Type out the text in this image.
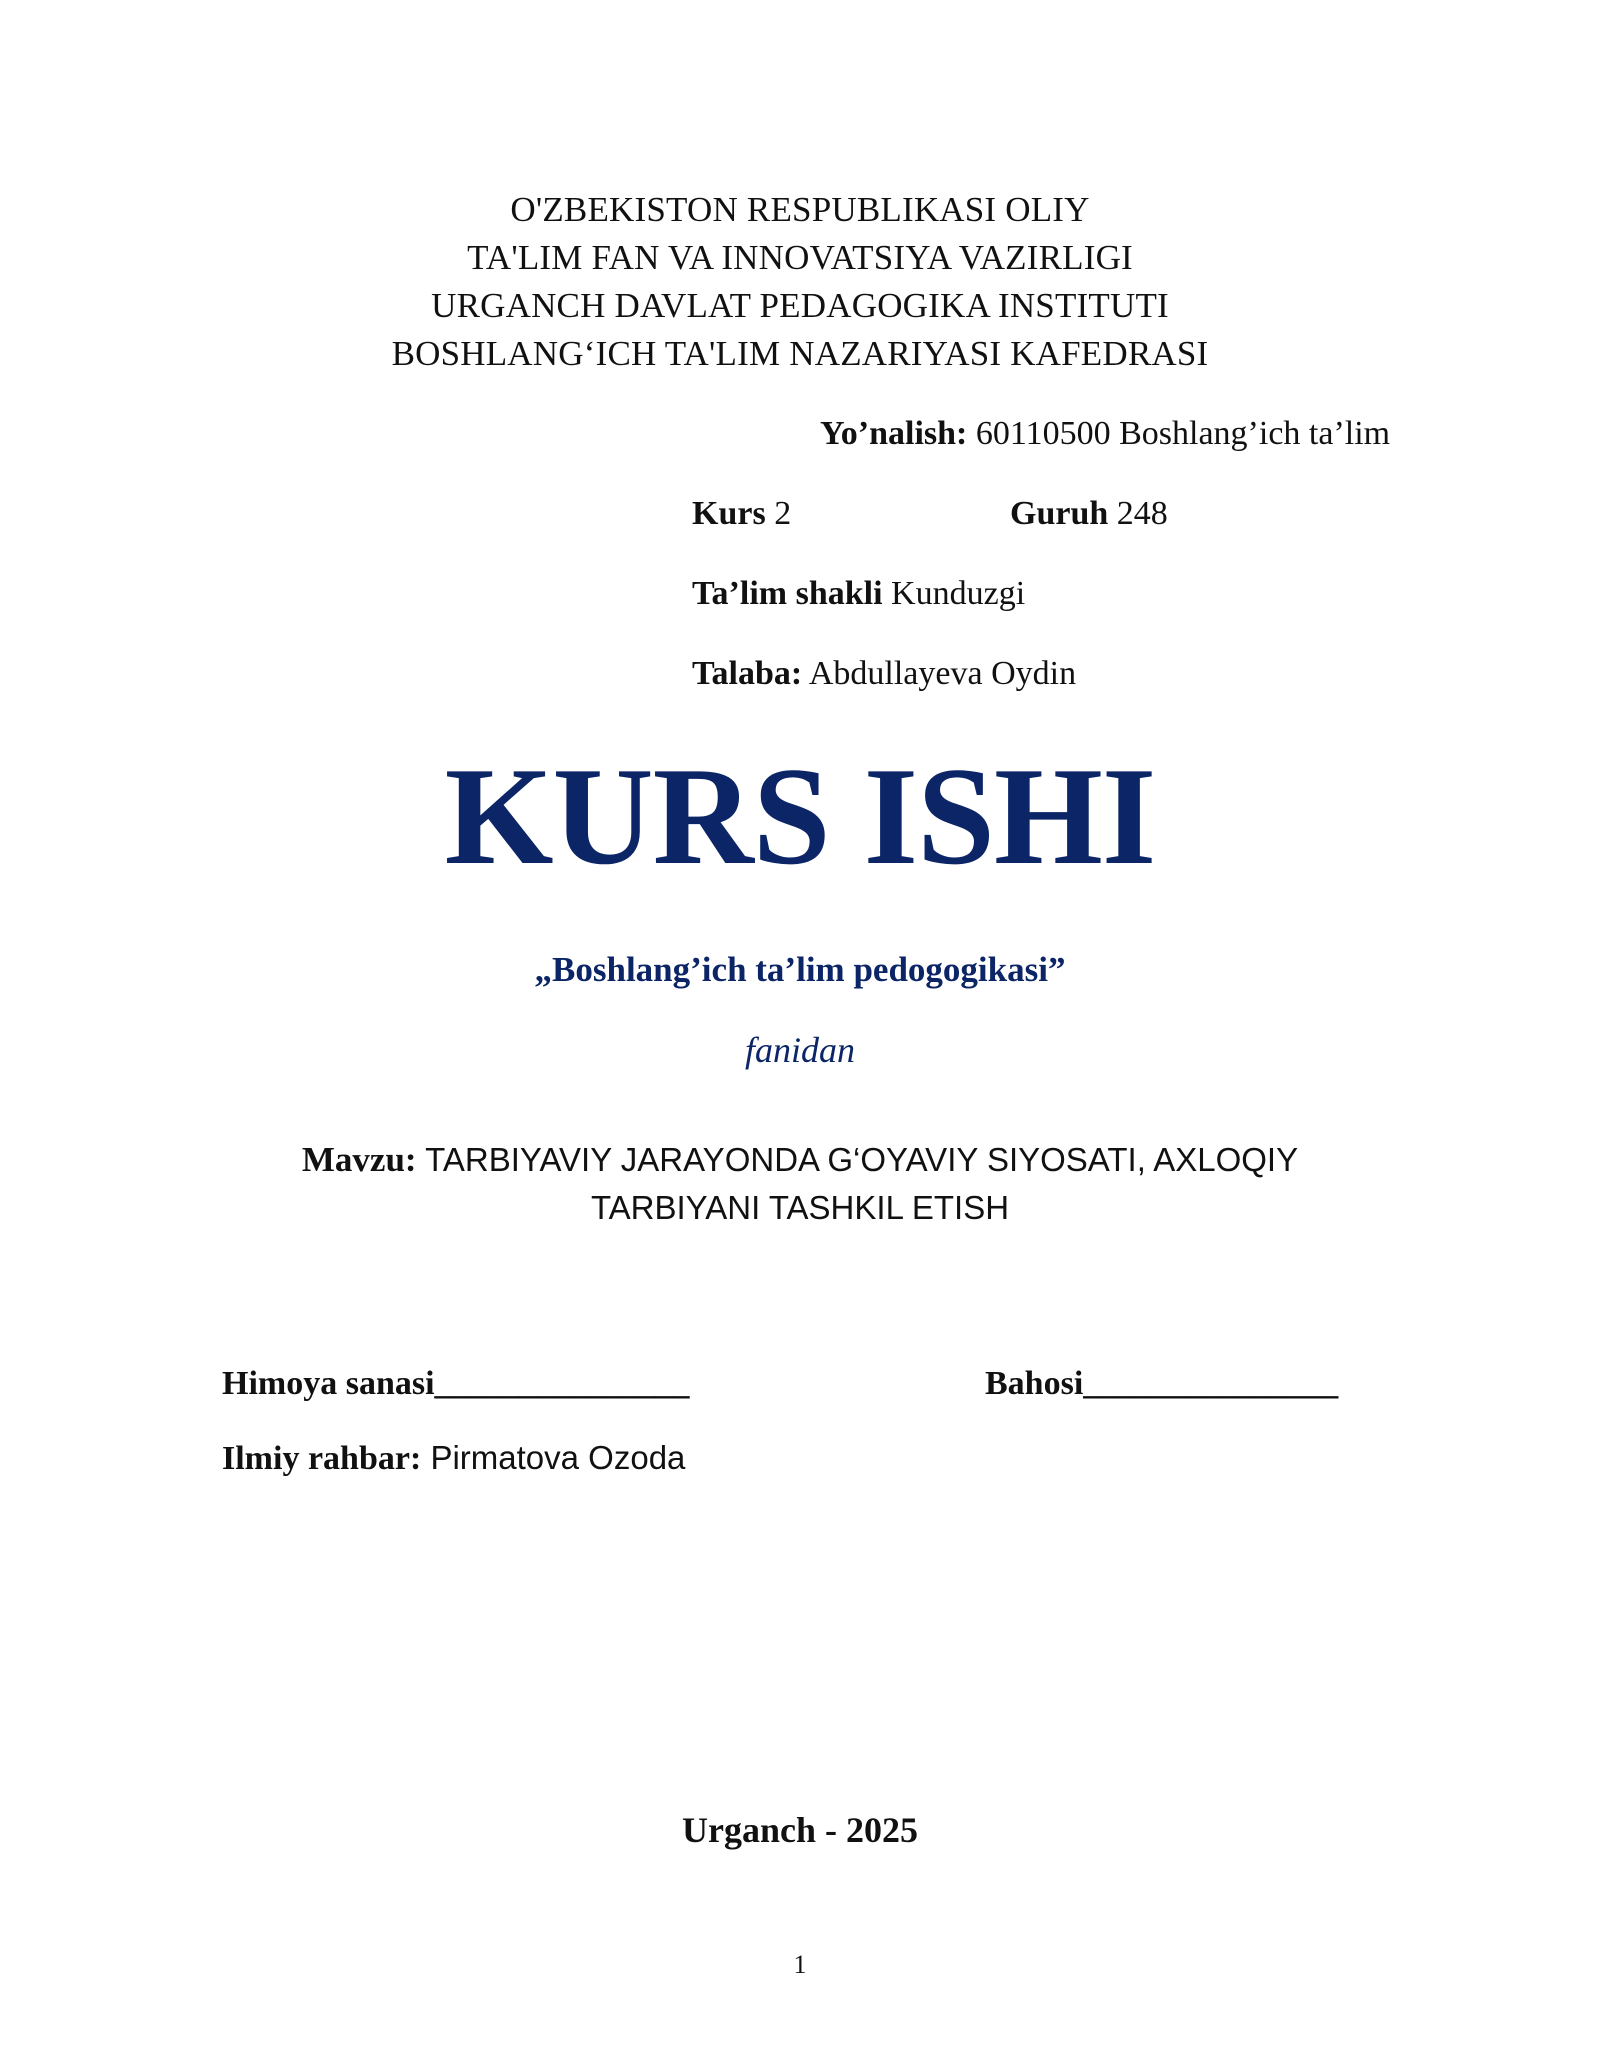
O'ZBEKISTON RESPUBLIKASI OLIY
TA'LIM FAN VA INNOVATSIYA VAZIRLIGI
URGANCH DAVLAT PEDAGOGIKA INSTITUTI
BOSHLANG‘ICH TA'LIM NAZARIYASI KAFEDRASI
Yo’nalish: 60110500 Boshlang’ich ta’lim
Kurs 2	Guruh 248
Ta’lim shakli Kunduzgi
Talaba: Abdullayeva Oydin
KURS ISHI
„Boshlang’ich ta’lim pedogogikasi”
fanidan
Mavzu: TARBIYAVIY JARAYONDA G‘OYAVIY SIYOSATI, AXLOQIY
TARBIYANI TASHKIL ETISH
Himoya sanasi_______________	Bahosi_______________
Ilmiy rahbar: Pirmatova Ozoda
Urganch - 2025
1
